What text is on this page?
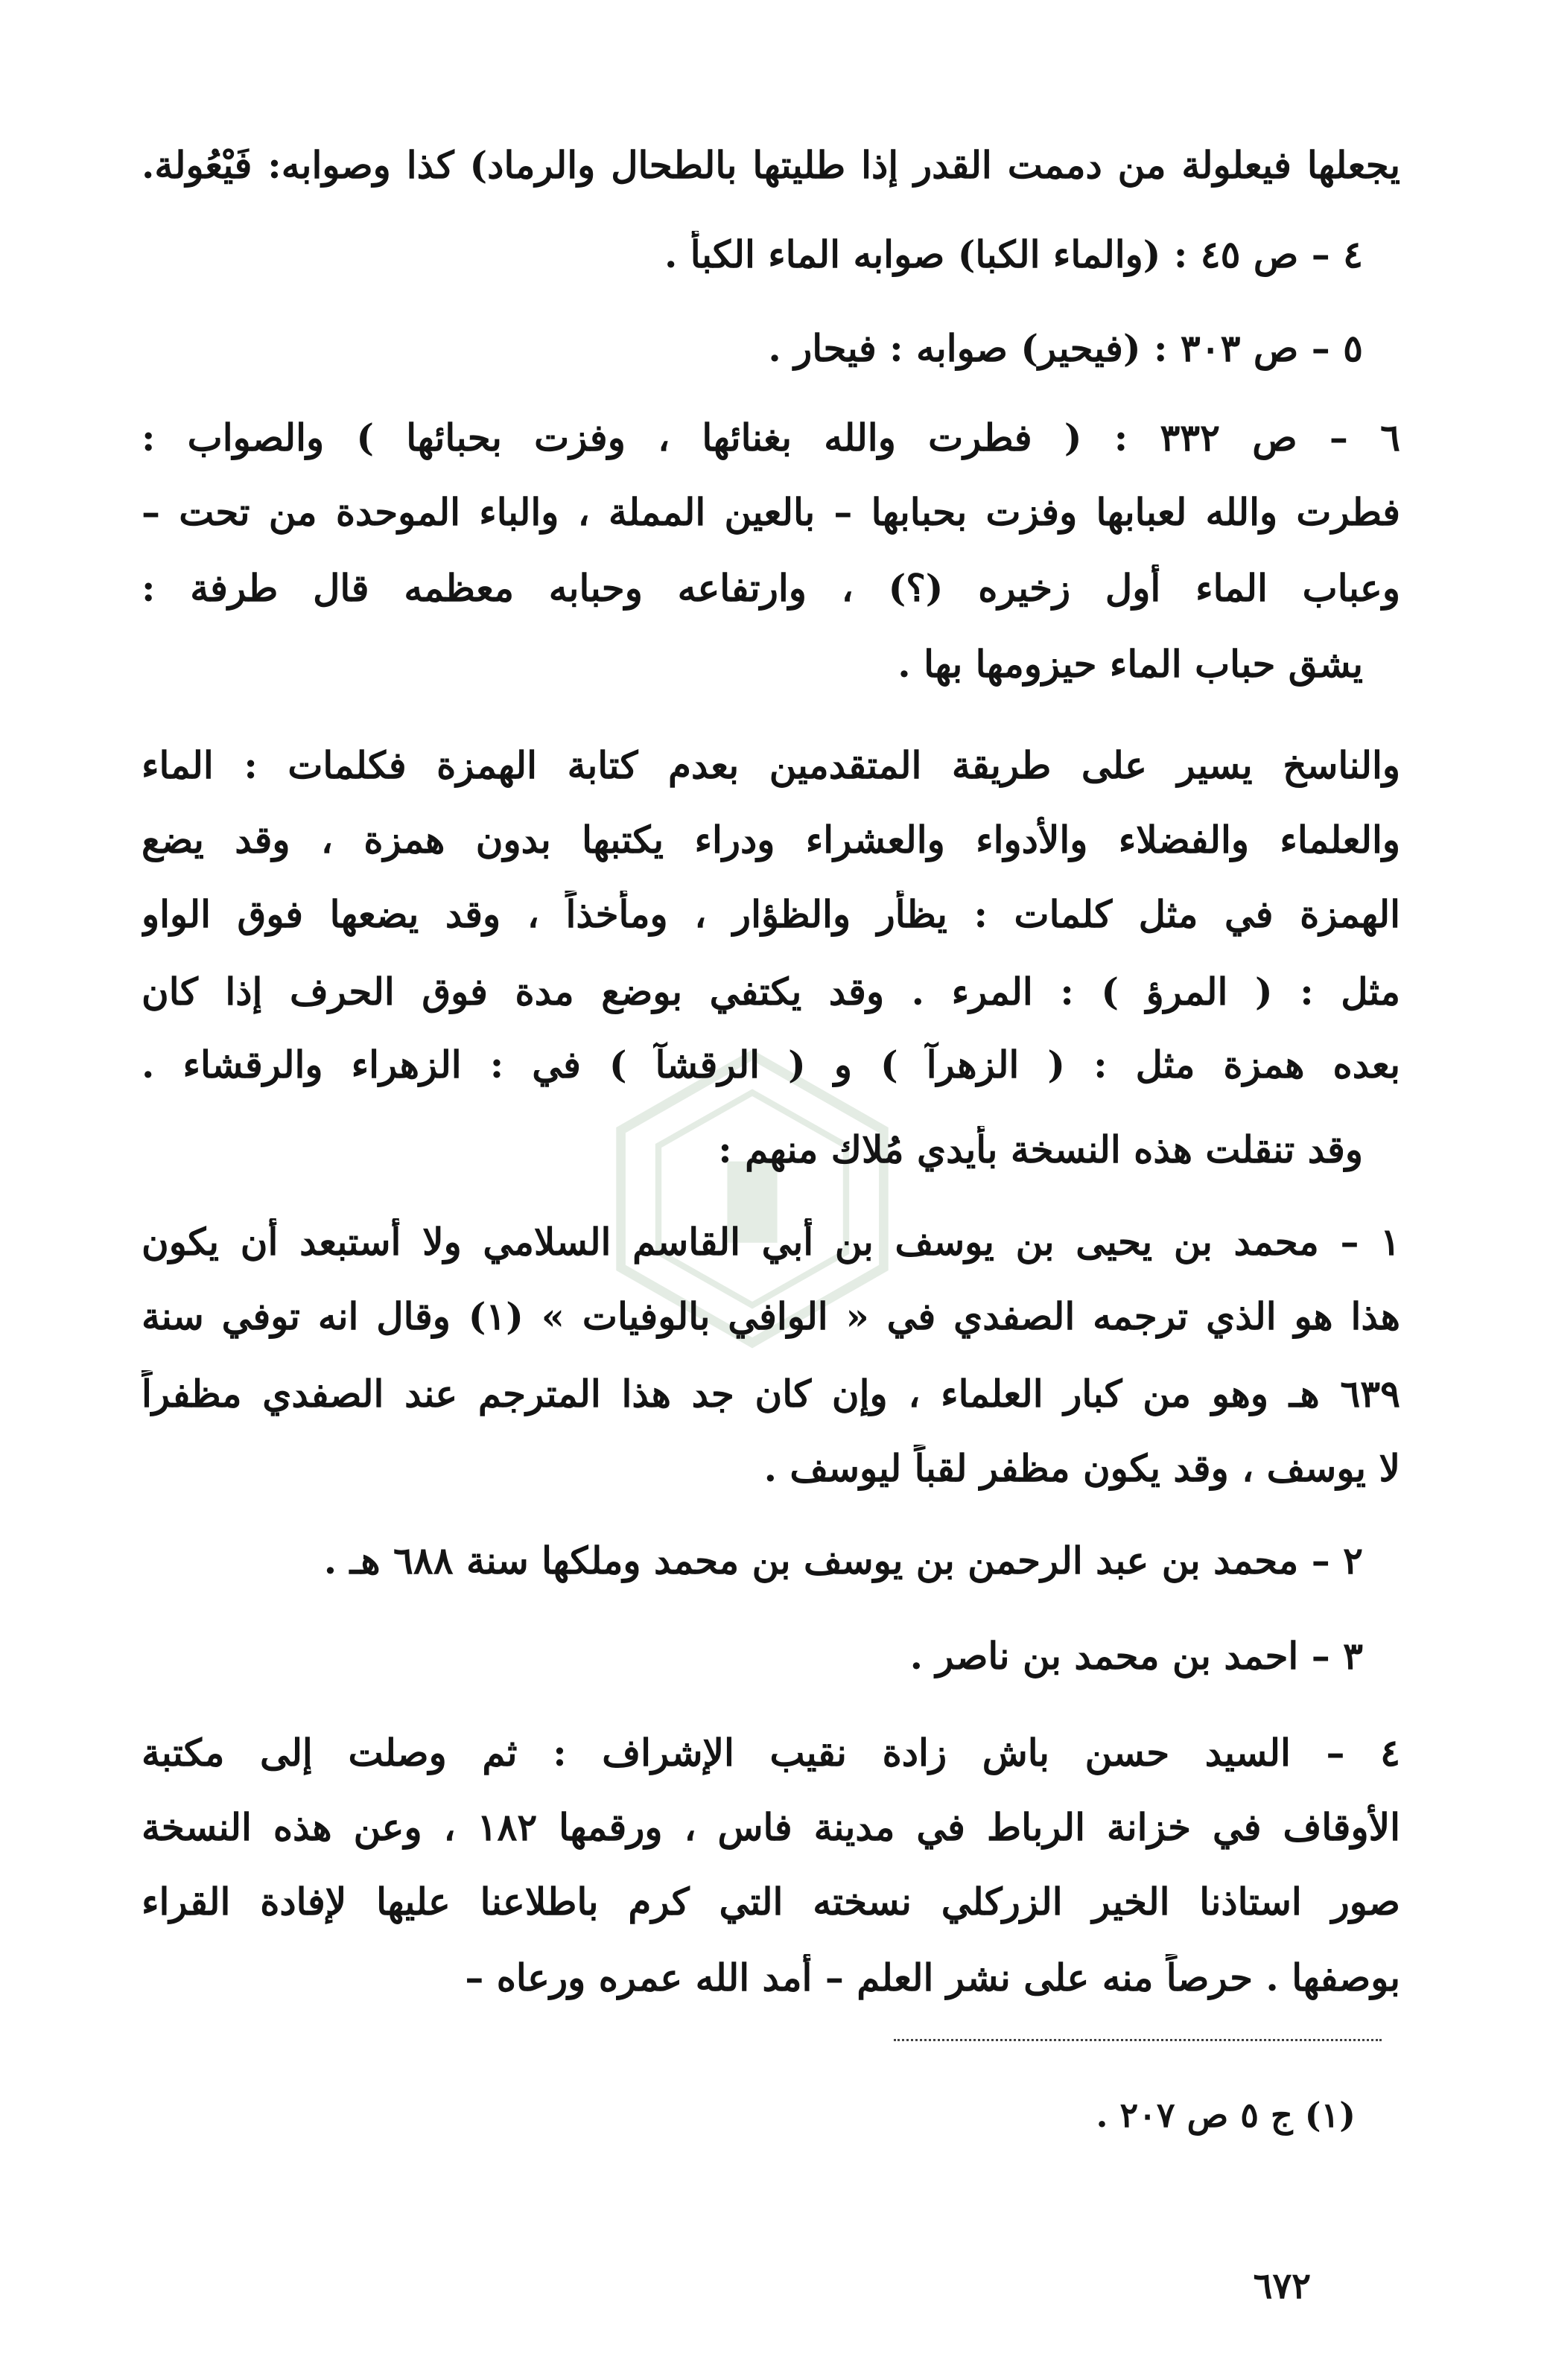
يجعلها فيعلولة من دممت القدر إذا طليتها بالطحال والرماد) كذا وصوابه: فَيْعُولة.
٤ – ص ٤٥ : (والماء الكبا) صوابه الماء الكبأ .
٥ – ص ٣٠٣ : (فيحير) صوابه : فيحار .
٦ – ص ٣٣٢ : ( فطرت والله بغنائها ، وفزت بحبائها ) والصواب :
فطرت والله لعبابها وفزت بحبابها – بالعين المملة ، والباء الموحدة من تحت –
وعباب الماء أول زخيره (؟) ، وارتفاعه وحبابه معظمه قال طرفة :
يشق حباب الماء حيزومها بها .
والناسخ يسير على طريقة المتقدمين بعدم كتابة الهمزة فكلمات : الماء
والعلماء والفضلاء والأدواء والعشراء ودراء يكتبها بدون همزة ، وقد يضع
الهمزة في مثل كلمات : يظأر والظؤار ، ومأخذاً ، وقد يضعها فوق الواو
مثل : ( المرؤ ) : المرء . وقد يكتفي بوضع مدة فوق الحرف إذا كان
بعده همزة مثل : ( الزهرآ ) و ( الرقشآ ) في : الزهراء والرقشاء .
وقد تنقلت هذه النسخة بأيدي مُلاك منهم :
١ – محمد بن يحيى بن يوسف بن أبي القاسم السلامي ولا أستبعد أن يكون
هذا هو الذي ترجمه الصفدي في « الوافي بالوفيات » (١) وقال انه توفي سنة
٦٣٩ هـ وهو من كبار العلماء ، وإن كان جد هذا المترجم عند الصفدي مظفراً
لا يوسف ، وقد يكون مظفر لقباً ليوسف .
٢ – محمد بن عبد الرحمن بن يوسف بن محمد وملكها سنة ٦٨٨ هـ .
٣ – احمد بن محمد بن ناصر .
٤ – السيد حسن باش زادة نقيب الإشراف : ثم وصلت إلى مكتبة
الأوقاف في خزانة الرباط في مدينة فاس ، ورقمها ١٨٢ ، وعن هذه النسخة
صور استاذنا الخير الزركلي نسخته التي كرم باطلاعنا عليها لإفادة القراء
بوصفها . حرصاً منه على نشر العلم – أمد الله عمره ورعاه –
(١) ج ٥ ص ٢٠٧ .
٦٧٢
